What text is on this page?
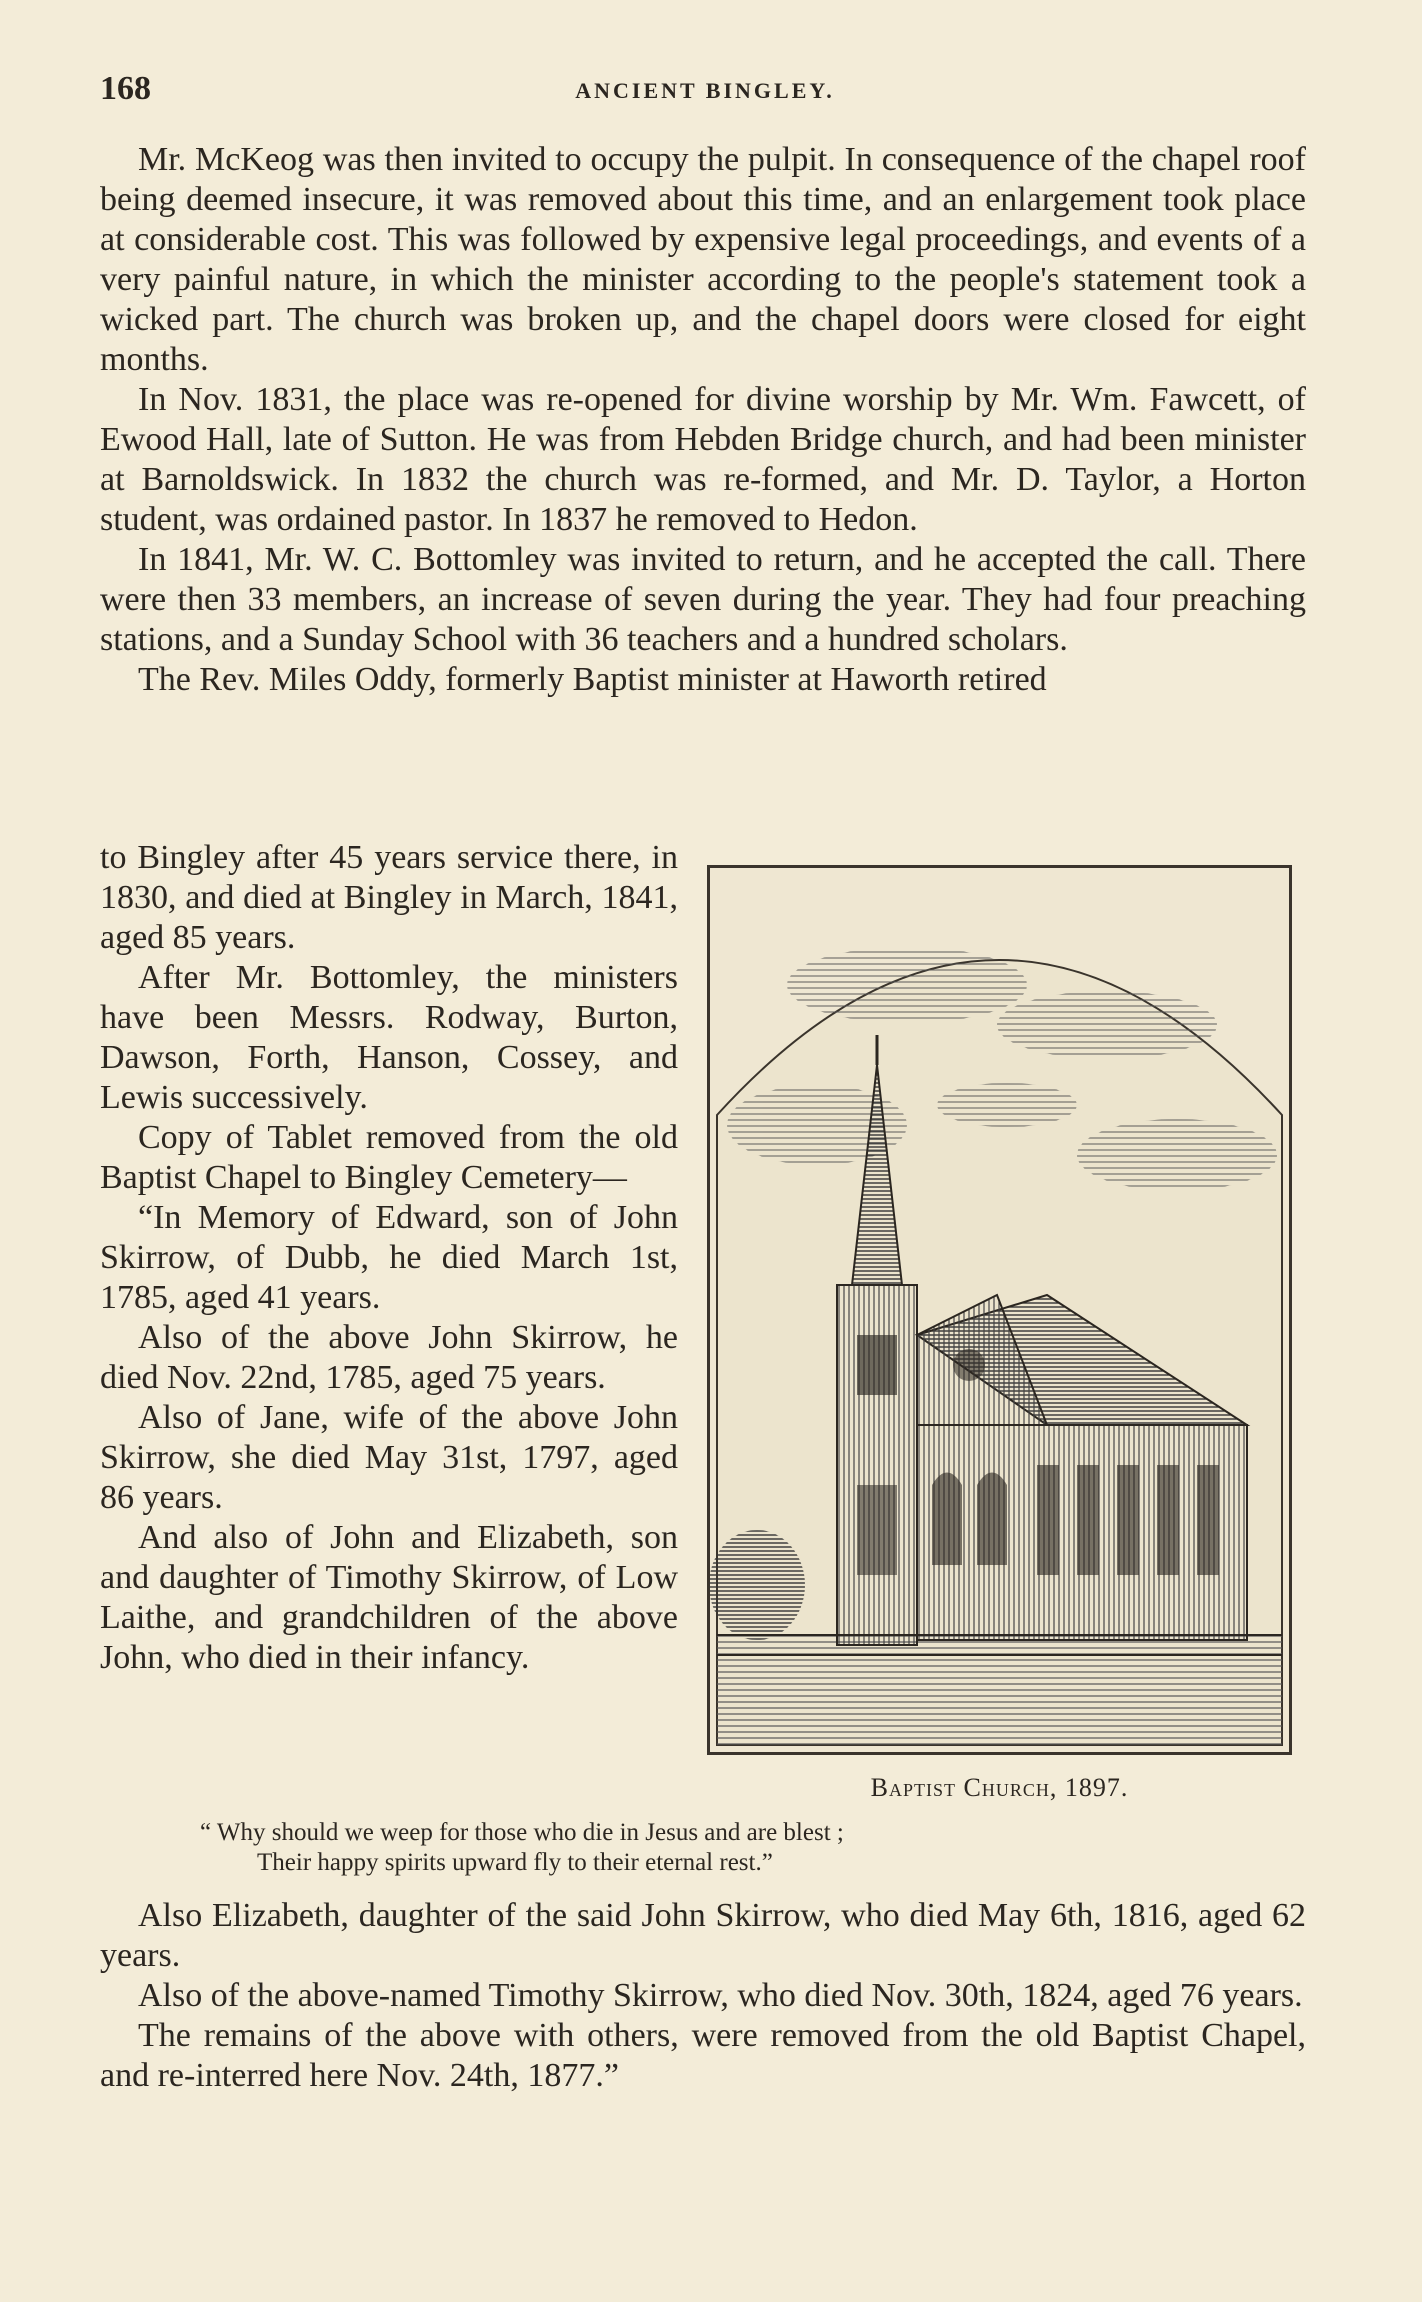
168	ANCIENT BINGLEY.

Mr. McKeog was then invited to occupy the pulpit. In consequence of the chapel roof being deemed insecure, it was removed about this time, and an enlargement took place at considerable cost. This was followed by expensive legal proceedings, and events of a very painful nature, in which the minister according to the people's statement took a wicked part. The church was broken up, and the chapel doors were closed for eight months.

In Nov. 1831, the place was re-opened for divine worship by Mr. Wm. Fawcett, of Ewood Hall, late of Sutton. He was from Hebden Bridge church, and had been minister at Barnoldswick. In 1832 the church was re-formed, and Mr. D. Taylor, a Horton student, was ordained pastor. In 1837 he removed to Hedon.

In 1841, Mr. W. C. Bottomley was invited to return, and he accepted the call. There were then 33 members, an increase of seven during the year. They had four preaching stations, and a Sunday School with 36 teachers and a hundred scholars.

The Rev. Miles Oddy, formerly Baptist minister at Haworth retired

to Bingley after 45 years service there, in 1830, and died at Bingley in March, 1841, aged 85 years.

After Mr. Bottomley, the ministers have been Messrs. Rodway, Burton, Dawson, Forth, Hanson, Cossey, and Lewis successively.

Copy of Tablet removed from the old Baptist Chapel to Bingley Cemetery—

“In Memory of Edward, son of John Skirrow, of Dubb, he died March 1st, 1785, aged 41 years.

Also of the above John Skirrow, he died Nov. 22nd, 1785, aged 75 years.

Also of Jane, wife of the above John Skirrow, she died May 31st, 1797, aged 86 years.

And also of John and Elizabeth, son and daughter of Timothy Skirrow, of Low Laithe, and grandchildren of the above John, who died in their infancy.

Baptist Church, 1897.
“ Why should we weep for those who die in Jesus and are blest ;
Their happy spirits upward fly to their eternal rest.”

Also Elizabeth, daughter of the said John Skirrow, who died May 6th, 1816, aged 62 years.

Also of the above-named Timothy Skirrow, who died Nov. 30th, 1824, aged 76 years.

The remains of the above with others, were removed from the old Baptist Chapel, and re-interred here Nov. 24th, 1877.”
